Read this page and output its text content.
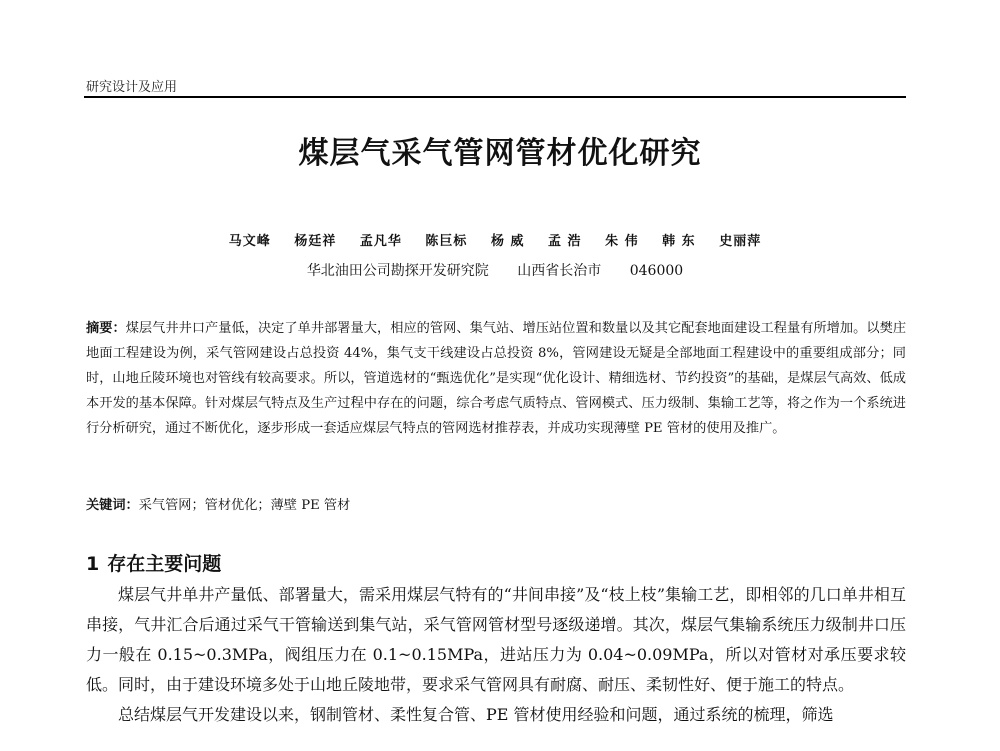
研究设计及应用
煤层气采气管网管材优化研究
马文峰 杨廷祥 孟凡华 陈巨标 杨 威 孟 浩 朱 伟 韩 东 史丽萍
华北油田公司勘探开发研究院 山西省长治市 046000
摘要：煤层气井井口产量低，决定了单井部署量大，相应的管网、集气站、增压站位置和数量以及其它配套地面建设工程量有所增加。以樊庄地面工程建设为例，采气管网建设占总投资 44%，集气支干线建设占总投资 8%，管网建设无疑是全部地面工程建设中的重要组成部分；同时，山地丘陵环境也对管线有较高要求。所以，管道选材的“甄选优化”是实现“优化设计、精细选材、节约投资”的基础，是煤层气高效、低成本开发的基本保障。针对煤层气特点及生产过程中存在的问题，综合考虑气质特点、管网模式、压力级制、集输工艺等，将之作为一个系统进行分析研究，通过不断优化，逐步形成一套适应煤层气特点的管网选材推荐表，并成功实现薄壁 PE 管材的使用及推广。
关键词：采气管网；管材优化；薄壁 PE 管材
1 存在主要问题

煤层气井单井产量低、部署量大，需采用煤层气特有的“井间串接”及“枝上枝”集输工艺，即相邻的几口单井相互串接，气井汇合后通过采气干管输送到集气站，采气管网管材型号逐级递增。其次，煤层气集输系统压力级制井口压力一般在 0.15~0.3MPa，阀组压力在 0.1~0.15MPa，进站压力为 0.04~0.09MPa，所以对管材对承压要求较低。同时，由于建设环境多处于山地丘陵地带，要求采气管网具有耐腐、耐压、柔韧性好、便于施工的特点。

总结煤层气开发建设以来，钢制管材、柔性复合管、PE 管材使用经验和问题，通过系统的梳理，筛选
